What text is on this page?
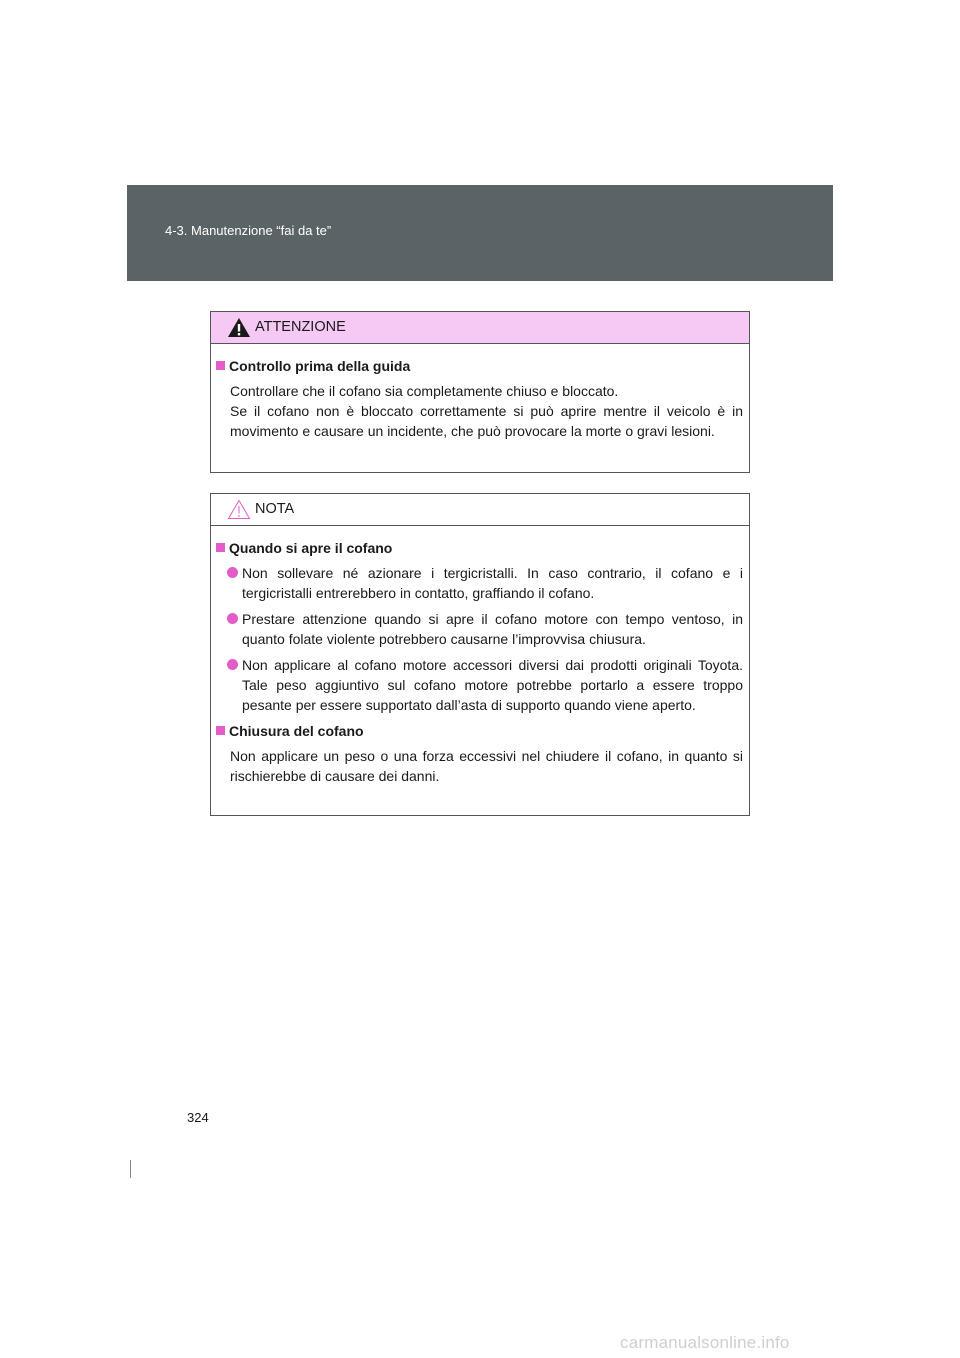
4-3. Manutenzione “fai da te”
ATTENZIONE
Controllo prima della guida
Controllare che il cofano sia completamente chiuso e bloccato.
Se il cofano non è bloccato correttamente si può aprire mentre il veicolo è in movimento e causare un incidente, che può provocare la morte o gravi lesioni.
NOTA
Quando si apre il cofano
Non sollevare né azionare i tergicristalli. In caso contrario, il cofano e i tergicristalli entrerebbero in contatto, graffiando il cofano.
Prestare attenzione quando si apre il cofano motore con tempo ventoso, in quanto folate violente potrebbero causarne l’improvvisa chiusura.
Non applicare al cofano motore accessori diversi dai prodotti originali Toyota. Tale peso aggiuntivo sul cofano motore potrebbe portarlo a essere troppo pesante per essere supportato dall’asta di supporto quando viene aperto.
Chiusura del cofano
Non applicare un peso o una forza eccessivi nel chiudere il cofano, in quanto si rischierebbe di causare dei danni.
324
carmanualsonline.info
